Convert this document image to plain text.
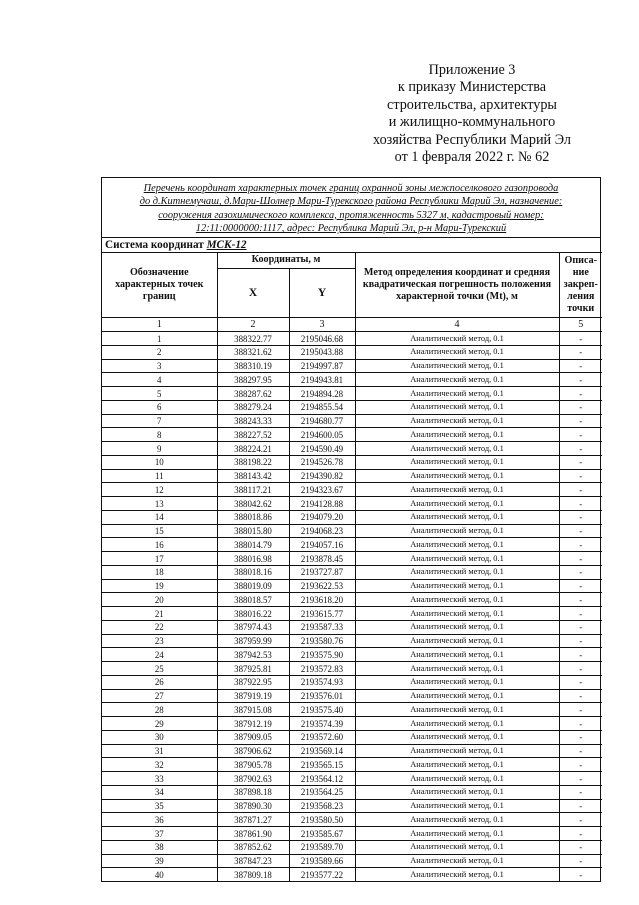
Приложение 3
к приказу Министерства
строительства, архитектуры
и жилищно-коммунального
хозяйства Республики Марий Эл
от 1 февраля 2022 г. № 62
Перечень координат характерных точек границ охранной зоны межпоселкового газопровода
до д.Китнемучаш, д.Мари-Шолнер Мари-Турекского района Республики Марий Эл, назначение:
сооружения газохимического комплекса, протяженность 5327 м, кадастровый номер:
12:11:0000000:1117, адрес: Республика Марий Эл, р-н Мари-Турекский
Система координат МСК-12
Обозначение характерных точек границ	Координаты, м		Метод определения координат и средняя квадратическая погрешность положения характерной точки (Mt), м	Описа-ние закреп-ления точки
	X	Y		
1	2	3	4	5
1	388322.77	2195046.68	Аналитический метод, 0.1	-
2	388321.62	2195043.88	Аналитический метод, 0.1	-
3	388310.19	2194997.87	Аналитический метод, 0.1	-
4	388297.95	2194943.81	Аналитический метод, 0.1	-
5	388287.62	2194894.28	Аналитический метод, 0.1	-
6	388279.24	2194855.54	Аналитический метод, 0.1	-
7	388243.33	2194680.77	Аналитический метод, 0.1	-
8	388227.52	2194600.05	Аналитический метод, 0.1	-
9	388224.21	2194590.49	Аналитический метод, 0.1	-
10	388198.22	2194526.78	Аналитический метод, 0.1	-
11	388143.42	2194390.82	Аналитический метод, 0.1	-
12	388117.21	2194323.67	Аналитический метод, 0.1	-
13	388042.62	2194128.88	Аналитический метод, 0.1	-
14	388018.86	2194079.20	Аналитический метод, 0.1	-
15	388015.80	2194068.23	Аналитический метод, 0.1	-
16	388014.79	2194057.16	Аналитический метод, 0.1	-
17	388016.98	2193878.45	Аналитический метод, 0.1	-
18	388018.16	2193727.87	Аналитический метод, 0.1	-
19	388019.09	2193622.53	Аналитический метод, 0.1	-
20	388018.57	2193618.20	Аналитический метод, 0.1	-
21	388016.22	2193615.77	Аналитический метод, 0.1	-
22	387974.43	2193587.33	Аналитический метод, 0.1	-
23	387959.99	2193580.76	Аналитический метод, 0.1	-
24	387942.53	2193575.90	Аналитический метод, 0.1	-
25	387925.81	2193572.83	Аналитический метод, 0.1	-
26	387922.95	2193574.93	Аналитический метод, 0.1	-
27	387919.19	2193576.01	Аналитический метод, 0.1	-
28	387915.08	2193575.40	Аналитический метод, 0.1	-
29	387912.19	2193574.39	Аналитический метод, 0.1	-
30	387909.05	2193572.60	Аналитический метод, 0.1	-
31	387906.62	2193569.14	Аналитический метод, 0.1	-
32	387905.78	2193565.15	Аналитический метод, 0.1	-
33	387902.63	2193564.12	Аналитический метод, 0.1	-
34	387898.18	2193564.25	Аналитический метод, 0.1	-
35	387890.30	2193568.23	Аналитический метод, 0.1	-
36	387871.27	2193580.50	Аналитический метод, 0.1	-
37	387861.90	2193585.67	Аналитический метод, 0.1	-
38	387852.62	2193589.70	Аналитический метод, 0.1	-
39	387847.23	2193589.66	Аналитический метод, 0.1	-
40	387809.18	2193577.22	Аналитический метод, 0.1	-
